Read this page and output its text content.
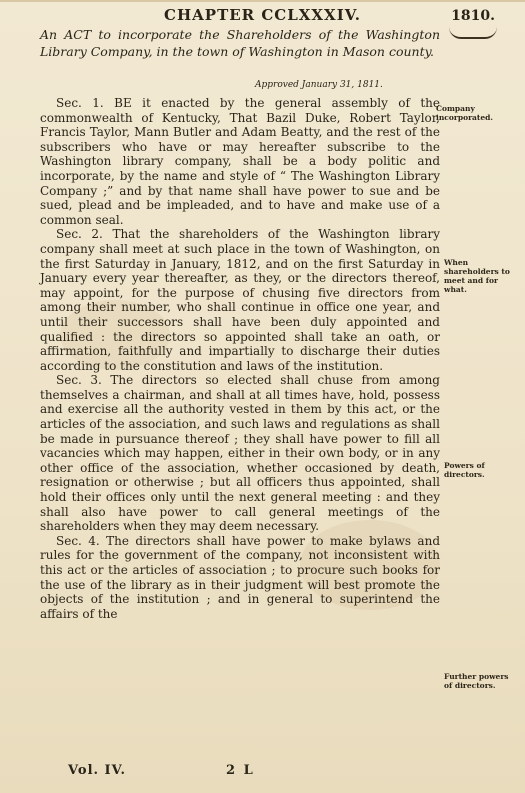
CHAPTER CCLXXXIV.	1810.
An ACT to incorporate the Shareholders of the Washington Library Company, in the town of Washington in Mason county.
Approved January 31, 1811.

Sec. 1. BE it enacted by the general assembly of the commonwealth of Kentucky, That Bazil Duke, Robert Taylor, Francis Taylor, Mann Butler and Adam Beatty, and the rest of the subscribers who have or may hereafter subscribe to the Washington library company, shall be a body politic and incorporate, by the name and style of “ The Washington Library Company ;” and by that name shall have power to sue and be sued, plead and be impleaded, and to have and make use of a common seal.

Sec. 2. That the shareholders of the Washington library company shall meet at such place in the town of Washington, on the first Saturday in January, 1812, and on the first Saturday in January every year thereafter, as they, or the directors thereof, may appoint, for the purpose of chusing five directors from among their number, who shall continue in office one year, and until their successors shall have been duly appointed and qualified : the directors so appointed shall take an oath, or affirmation, faithfully and impartially to discharge their duties according to the constitution and laws of the institution.

Sec. 3. The directors so elected shall chuse from among themselves a chairman, and shall at all times have, hold, possess and exercise all the authority vested in them by this act, or the articles of the association, and such laws and regulations as shall be made in pursuance thereof ; they shall have power to fill all vacancies which may happen, either in their own body, or in any other office of the association, whether occasioned by death, resignation or otherwise ; but all officers thus appointed, shall hold their offices only until the next general meeting : and they shall also have power to call general meetings of the shareholders when they may deem necessary.

Sec. 4. The directors shall have power to make bylaws and rules for the government of the company, not inconsistent with this act or the articles of association ; to procure such books for the use of the library as in their judgment will best promote the objects of the institution ; and in general to superintend the affairs of the

Company incorporated.
When shareholders to meet and for what.
Powers of directors.
Further powers of directors.
Vol. IV.	2 L
